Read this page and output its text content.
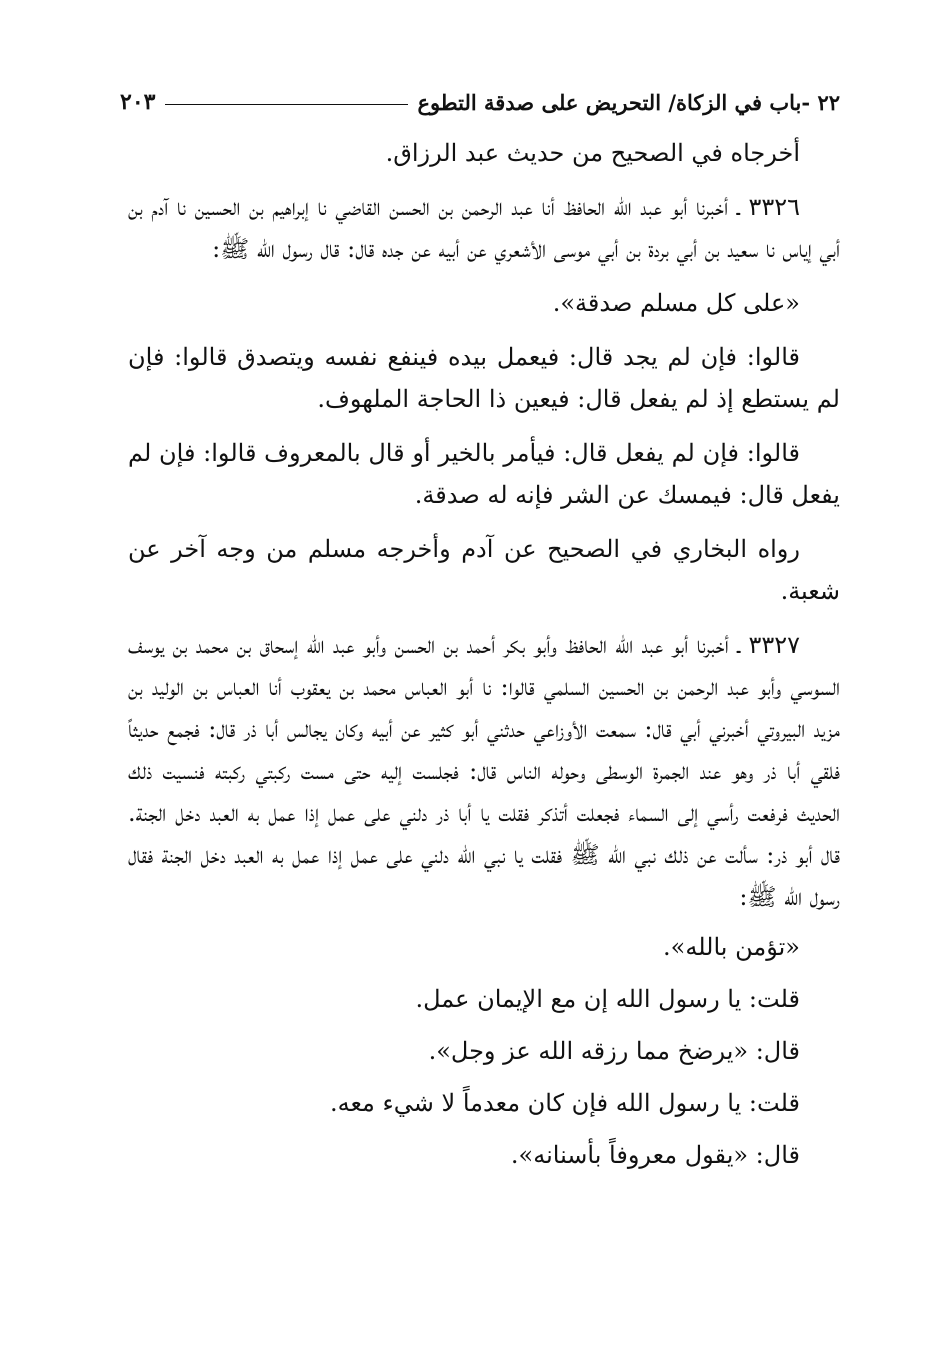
٢٢ -باب في الزكاة/ التحريض على صدقة التطوع
٢٠٣

أخرجاه في الصحيح من حديث عبد الرزاق.

٣٣٢٦ ـ أخبرنا أبو عبد الله الحافظ أنا عبد الرحمن بن الحسن القاضي نا إبراهيم بن الحسين نا آدم بن أبي إياس نا سعيد بن أبي بردة بن أبي موسى الأشعري عن أبيه عن جده قال: قال رسول الله ﷺ:

«على كل مسلم صدقة».

قالوا: فإن لم يجد قال: فيعمل بيده فينفع نفسه ويتصدق قالوا: فإن لم يستطع إذ لم يفعل قال: فيعين ذا الحاجة الملهوف.

قالوا: فإن لم يفعل قال: فيأمر بالخير أو قال بالمعروف قالوا: فإن لم يفعل قال: فيمسك عن الشر فإنه له صدقة.

رواه البخاري في الصحيح عن آدم وأخرجه مسلم من وجه آخر عن شعبة.

٣٣٢٧ ـ أخبرنا أبو عبد الله الحافظ وأبو بكر أحمد بن الحسن وأبو عبد الله إسحاق بن محمد بن يوسف السوسي وأبو عبد الرحمن بن الحسين السلمي قالوا: نا أبو العباس محمد بن يعقوب أنا العباس بن الوليد بن مزيد البيروتي أخبرني أبي قال: سمعت الأوزاعي حدثني أبو كثير عن أبيه وكان يجالس أبا ذر قال: فجمع حديثاً فلقي أبا ذر وهو عند الجمرة الوسطى وحوله الناس قال: فجلست إليه حتى مست ركبتي ركبته فنسيت ذلك الحديث فرفعت رأسي إلى السماء فجعلت أتذكر فقلت يا أبا ذر دلني على عمل إذا عمل به العبد دخل الجنة. قال أبو ذر: سألت عن ذلك نبي الله ﷺ فقلت يا نبي الله دلني على عمل إذا عمل به العبد دخل الجنة فقال رسول الله ﷺ:

«تؤمن بالله».

قلت: يا رسول الله إن مع الإيمان عمل.

قال: «يرضخ مما رزقه الله عز وجل».

قلت: يا رسول الله فإن كان معدماً لا شيء معه.

قال: «يقول معروفاً بأسنانه».
